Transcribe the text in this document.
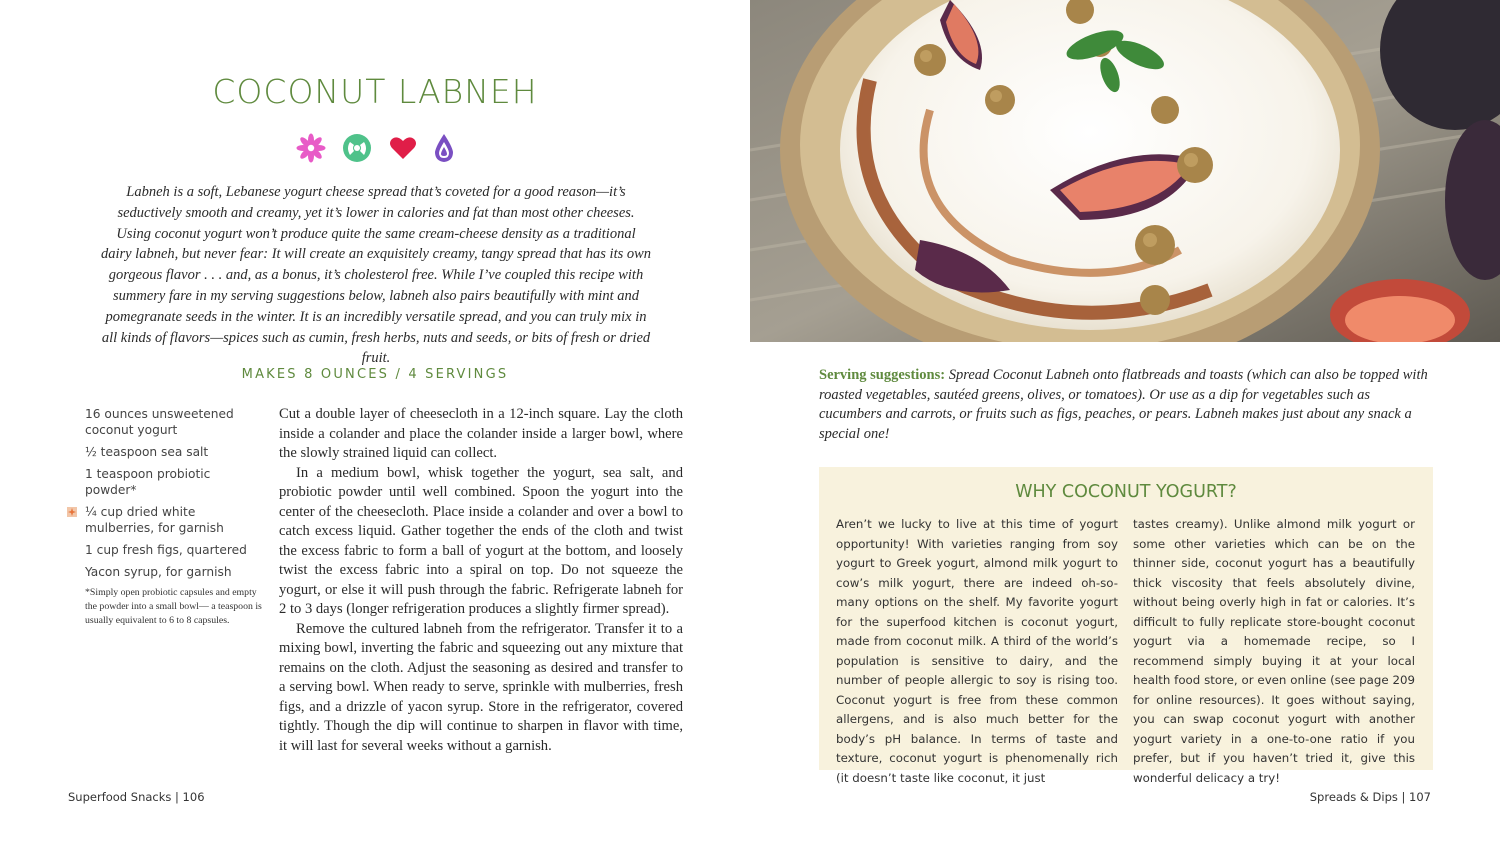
COCONUT LABNEH

Labneh is a soft, Lebanese yogurt cheese spread that’s coveted for a good reason—it’s seductively smooth and creamy, yet it’s lower in calories and fat than most other cheeses. Using coconut yogurt won’t produce quite the same cream-cheese density as a traditional dairy labneh, but never fear: It will create an exquisitely creamy, tangy spread that has its own gorgeous flavor . . . and, as a bonus, it’s cholesterol free. While I’ve coupled this recipe with summery fare in my serving suggestions below, labneh also pairs beautifully with mint and pomegranate seeds in the winter. It is an incredibly versatile spread, and you can truly mix in all kinds of flavors—spices such as cumin, fresh herbs, nuts and seeds, or bits of fresh or dried fruit.

MAKES 8 OUNCES / 4 SERVINGS
16 ounces unsweetened coconut yogurt
½ teaspoon sea salt
1 teaspoon probiotic powder*
¼ cup dried white mulberries, for garnish
1 cup fresh figs, quartered
Yacon syrup, for garnish

*Simply open probiotic capsules and empty the powder into a small bowl— a teaspoon is usually equivalent to 6 to 8 capsules.

Cut a double layer of cheesecloth in a 12-inch square. Lay the cloth inside a colander and place the colander inside a larger bowl, where the slowly strained liquid can collect.

In a medium bowl, whisk together the yogurt, sea salt, and probiotic powder until well combined. Spoon the yogurt into the center of the cheesecloth. Place inside a colander and over a bowl to catch excess liquid. Gather together the ends of the cloth and twist the excess fabric to form a ball of yogurt at the bottom, and loosely twist the excess fabric into a spiral on top. Do not squeeze the yogurt, or else it will push through the fabric. Refrigerate labneh for 2 to 3 days (longer refrigeration produces a slightly firmer spread).

Remove the cultured labneh from the refrigerator. Transfer it to a mixing bowl, inverting the fabric and squeezing out any mixture that remains on the cloth. Adjust the seasoning as desired and transfer to a serving bowl. When ready to serve, sprinkle with mulberries, fresh figs, and a drizzle of yacon syrup. Store in the refrigerator, covered tightly. Though the dip will continue to sharpen in flavor with time, it will last for several weeks without a garnish.

Superfood Snacks | 106

Serving suggestions: Spread Coconut Labneh onto flatbreads and toasts (which can also be topped with roasted vegetables, sautéed greens, olives, or tomatoes). Or use as a dip for vegetables such as cucumbers and carrots, or fruits such as figs, peaches, or pears. Labneh makes just about any snack a special one!

WHY COCONUT YOGURT?

Aren’t we lucky to live at this time of yogurt opportunity! With varieties ranging from soy yogurt to Greek yogurt, almond milk yogurt to cow’s milk yogurt, there are indeed oh-so-many options on the shelf. My favorite yogurt for the superfood kitchen is coconut yogurt, made from coconut milk. A third of the world’s population is sensitive to dairy, and the number of people allergic to soy is rising too. Coconut yogurt is free from these common allergens, and is also much better for the body’s pH balance. In terms of taste and texture, coconut yogurt is phenomenally rich (it doesn’t taste like coconut, it just

tastes creamy). Unlike almond milk yogurt or some other varieties which can be on the thinner side, coconut yogurt has a beautifully thick viscosity that feels absolutely divine, without being overly high in fat or calories. It’s difficult to fully replicate store-bought coconut yogurt via a homemade recipe, so I recommend simply buying it at your local health food store, or even online (see page 209 for online resources). It goes without saying, you can swap coconut yogurt with another yogurt variety in a one-to-one ratio if you prefer, but if you haven’t tried it, give this wonderful delicacy a try!

Spreads & Dips | 107
